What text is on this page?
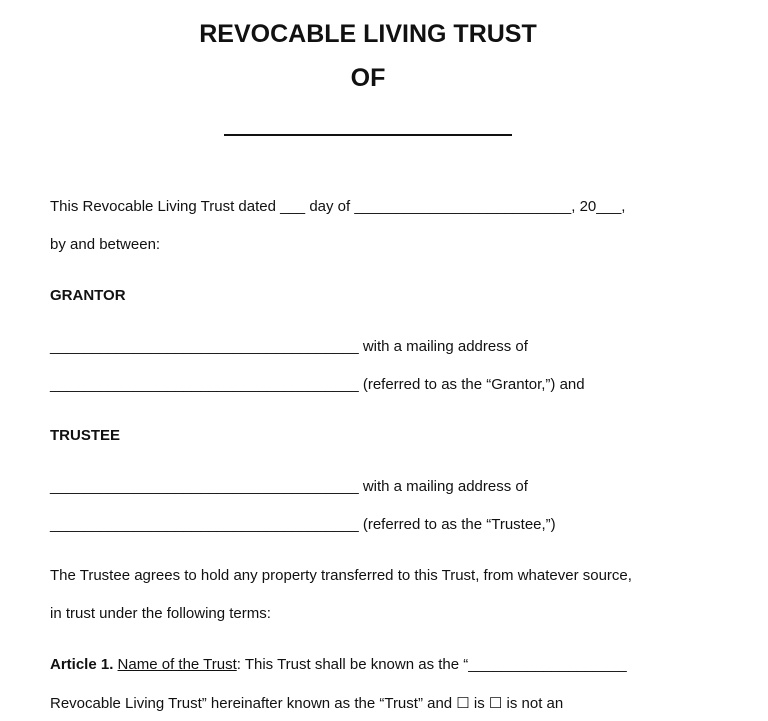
REVOCABLE LIVING TRUST
OF
This Revocable Living Trust dated ___ day of __________________________, 20___,
by and between:
GRANTOR
_____________________________________ with a mailing address of
_____________________________________ (referred to as the “Grantor,”) and
TRUSTEE
_____________________________________ with a mailing address of
_____________________________________ (referred to as the “Trustee,”)
The Trustee agrees to hold any property transferred to this Trust, from whatever source,
in trust under the following terms:
Article 1. Name of the Trust: This Trust shall be known as the “___________________
Revocable Living Trust” hereinafter known as the “Trust” and ☐ is ☐ is not an
